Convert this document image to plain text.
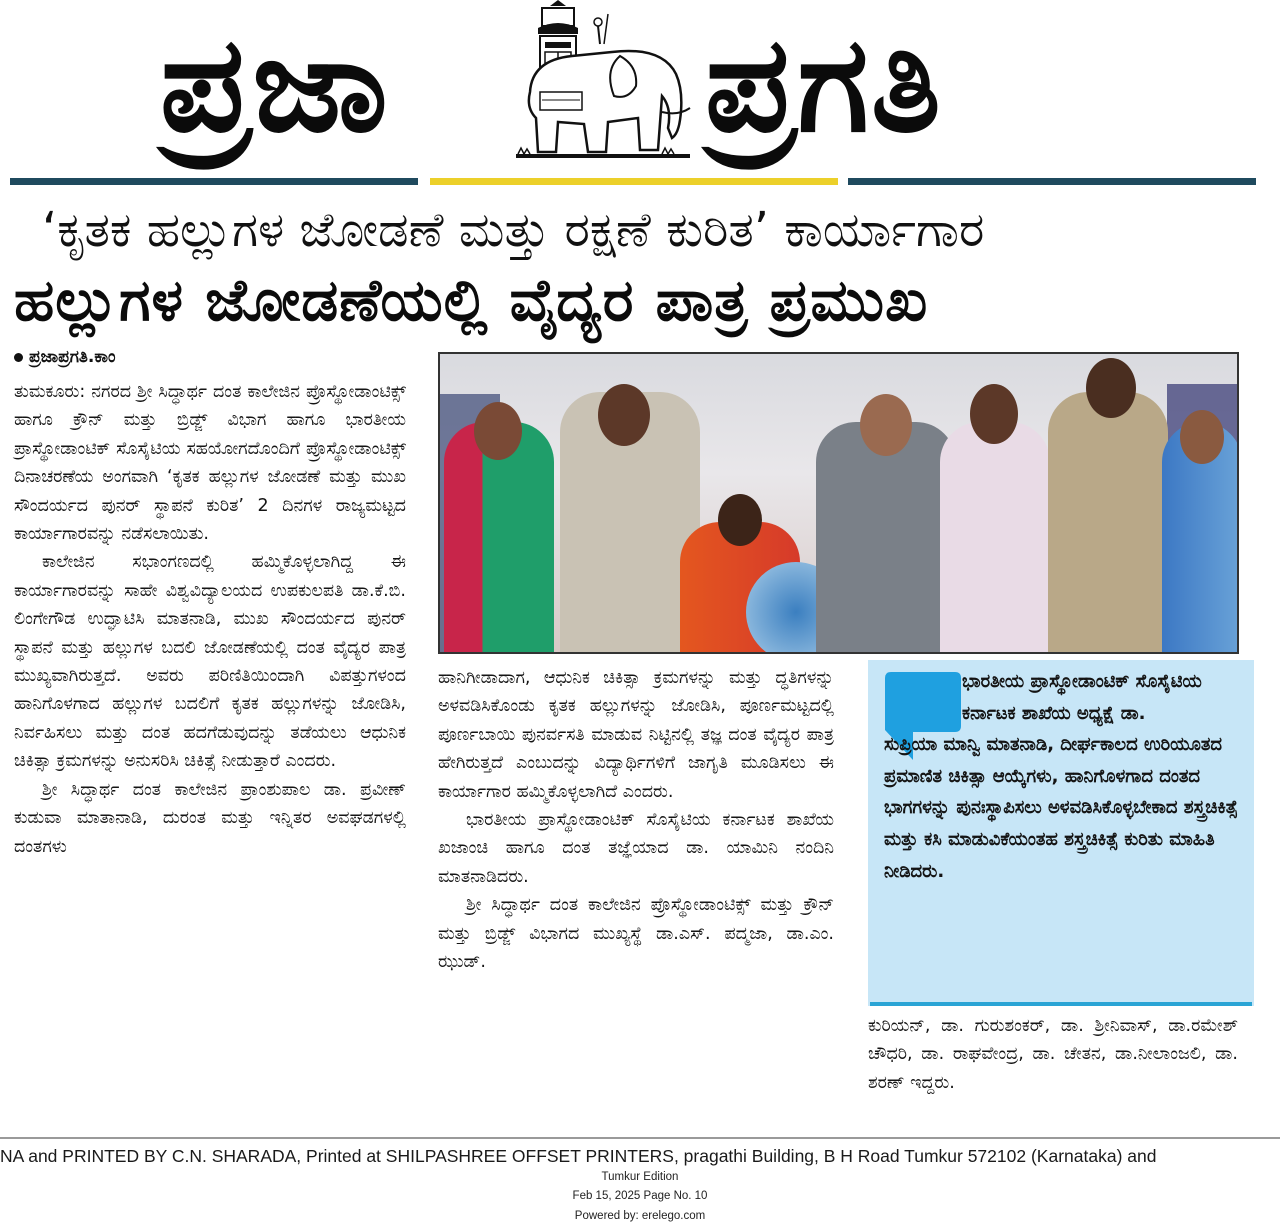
ಪ್ರಜಾ ಪ್ರಗತಿ
‘ಕೃತಕ ಹಲ್ಲುಗಳ ಜೋಡಣೆ ಮತ್ತು ರಕ್ಷಣೆ ಕುರಿತ’ ಕಾರ್ಯಾಗಾರ
ಹಲ್ಲುಗಳ ಜೋಡಣೆಯಲ್ಲಿ ವೈದ್ಯರ ಪಾತ್ರ ಪ್ರಮುಖ
ಪ್ರಜಾಪ್ರಗತಿ.ಕಾಂ

ತುಮಕೂರು: ನಗರದ ಶ್ರೀ ಸಿದ್ಧಾರ್ಥ ದಂತ ಕಾಲೇಜಿನ ಪ್ರೊಸ್ಥೋಡಾಂಟಿಕ್ಸ್ ಹಾಗೂ ಕ್ರೌನ್ ಮತ್ತು ಬ್ರಿಡ್ಜ್ ವಿಭಾಗ ಹಾಗೂ ಭಾರತೀಯ ಪ್ರಾಸ್ಥೋಡಾಂಟಿಕ್ ಸೊಸೈಟಿಯ ಸಹಯೋಗದೊಂದಿಗೆ ಪ್ರೊಸ್ಥೋಡಾಂಟಿಕ್ಸ್ ದಿನಾಚರಣೆಯ ಅಂಗವಾಗಿ ‘ಕೃತಕ ಹಲ್ಲುಗಳ ಜೋಡಣೆ ಮತ್ತು ಮುಖ ಸೌಂದರ್ಯದ ಪುನರ್ ಸ್ಥಾಪನೆ ಕುರಿತ’ 2 ದಿನಗಳ ರಾಜ್ಯಮಟ್ಟದ ಕಾರ್ಯಾಗಾರವನ್ನು ನಡೆಸಲಾಯಿತು.

ಕಾಲೇಜಿನ ಸಭಾಂಗಣದಲ್ಲಿ ಹಮ್ಮಿಕೊಳ್ಳಲಾಗಿದ್ದ ಈ ಕಾರ್ಯಾಗಾರವನ್ನು ಸಾಹೇ ವಿಶ್ವವಿದ್ಯಾಲಯದ ಉಪಕುಲಪತಿ ಡಾ.ಕೆ.ಬಿ. ಲಿಂಗೇಗೌಡ ಉದ್ಘಾಟಿಸಿ ಮಾತನಾಡಿ, ಮುಖ ಸೌಂದರ್ಯದ ಪುನರ್ ಸ್ಥಾಪನೆ ಮತ್ತು ಹಲ್ಲುಗಳ ಬದಲಿ ಜೋಡಣೆಯಲ್ಲಿ ದಂತ ವೈದ್ಯರ ಪಾತ್ರ ಮುಖ್ಯವಾಗಿರುತ್ತದೆ. ಅವರು ಪರಿಣಿತಿಯಿಂದಾಗಿ ವಿಪತ್ತುಗಳಂದ ಹಾನಿಗೊಳಗಾದ ಹಲ್ಲುಗಳ ಬದಲಿಗೆ ಕೃತಕ ಹಲ್ಲುಗಳನ್ನು ಜೋಡಿಸಿ, ನಿರ್ವಹಿಸಲು ಮತ್ತು ದಂತ ಹದಗೆಡುವುದನ್ನು ತಡೆಯಲು ಆಧುನಿಕ ಚಿಕಿತ್ಸಾ ಕ್ರಮಗಳನ್ನು ಅನುಸರಿಸಿ ಚಿಕಿತ್ಸೆ ನೀಡುತ್ತಾರೆ ಎಂದರು.

ಶ್ರೀ ಸಿದ್ಧಾರ್ಥ ದಂತ ಕಾಲೇಜಿನ ಪ್ರಾಂಶುಪಾಲ ಡಾ. ಪ್ರವೀಣ್ ಕುಡುವಾ ಮಾತಾನಾಡಿ, ದುರಂತ ಮತ್ತು ಇನ್ನಿತರ ಅವಘಡಗಳಲ್ಲಿ ದಂತಗಳು

ಹಾನಿಗೀಡಾದಾಗ, ಆಧುನಿಕ ಚಿಕಿತ್ಸಾ ಕ್ರಮಗಳನ್ನು ಮತ್ತು ದ್ಧತಿಗಳನ್ನು ಅಳವಡಿಸಿಕೊಂಡು ಕೃತಕ ಹಲ್ಲುಗಳನ್ನು ಜೋಡಿಸಿ, ಪೂರ್ಣಮಟ್ಟದಲ್ಲಿ ಪೂರ್ಣಬಾಯಿ ಪುನರ್ವಸತಿ ಮಾಡುವ ನಿಟ್ಟಿನಲ್ಲಿ ತಜ್ಞ ದಂತ ವೈದ್ಯರ ಪಾತ್ರ ಹೇಗಿರುತ್ತದೆ ಎಂಬುದನ್ನು ವಿದ್ಯಾರ್ಥಿಗಳಿಗೆ ಜಾಗೃತಿ ಮೂಡಿಸಲು ಈ ಕಾರ್ಯಾಗಾರ ಹಮ್ಮಿಕೊಳ್ಳಲಾಗಿದೆ ಎಂದರು.

ಭಾರತೀಯ ಪ್ರಾಸ್ಥೋಡಾಂಟಿಕ್ ಸೊಸೈಟಿಯ ಕರ್ನಾಟಕ ಶಾಖೆಯ ಖಜಾಂಚಿ ಹಾಗೂ ದಂತ ತಜ್ಞೆಯಾದ ಡಾ. ಯಾಮಿನಿ ನಂದಿನಿ ಮಾತನಾಡಿದರು.

ಶ್ರೀ ಸಿದ್ಧಾರ್ಥ ದಂತ ಕಾಲೇಜಿನ ಪ್ರೊಸ್ಥೋಡಾಂಟಿಕ್ಸ್ ಮತ್ತು ಕ್ರೌನ್ ಮತ್ತು ಬ್ರಿಡ್ಜ್ ವಿಭಾಗದ ಮುಖ್ಯಸ್ಥೆ ಡಾ.ಎಸ್. ಪದ್ಮಜಾ, ಡಾ.ಎಂ. ಝುಡ್.

ಭಾರತೀಯ ಪ್ರಾಸ್ಥೋಡಾಂಟಿಕ್ ಸೊಸೈಟಿಯ ಕರ್ನಾಟಕ ಶಾಖೆಯ ಅಧ್ಯಕ್ಷೆ ಡಾ.
ಸುಪ್ರಿಯಾ ಮಾನ್ವಿ ಮಾತನಾಡಿ, ದೀರ್ಘಕಾಲದ ಉರಿಯೂತದ ಪ್ರಮಾಣಿತ ಚಿಕಿತ್ಸಾ ಆಯ್ಕೆಗಳು, ಹಾನಿಗೊಳಗಾದ ದಂತದ ಭಾಗಗಳನ್ನು ಪುನಃಸ್ಥಾಪಿಸಲು ಅಳವಡಿಸಿಕೊಳ್ಳಬೇಕಾದ ಶಸ್ತ್ರಚಿಕಿತ್ಸೆ ಮತ್ತು ಕಸಿ ಮಾಡುವಿಕೆಯಂತಹ ಶಸ್ತ್ರಚಿಕಿತ್ಸೆ ಕುರಿತು ಮಾಹಿತಿ ನೀಡಿದರು.

ಕುರಿಯನ್, ಡಾ. ಗುರುಶಂಕರ್, ಡಾ. ಶ್ರೀನಿವಾಸ್, ಡಾ.ರಮೇಶ್ ಚೌಧರಿ, ಡಾ. ರಾಘವೇಂದ್ರ, ಡಾ. ಚೇತನ, ಡಾ.ನೀಲಾಂಜಲಿ, ಡಾ. ಶರಣ್ ಇದ್ದರು.

NA and PRINTED BY C.N. SHARADA, Printed at SHILPASHREE OFFSET PRINTERS, pragathi Building, B H Road Tumkur 572102 (Karnataka) and
Tumkur Edition
Feb 15, 2025 Page No. 10
Powered by: erelego.com
